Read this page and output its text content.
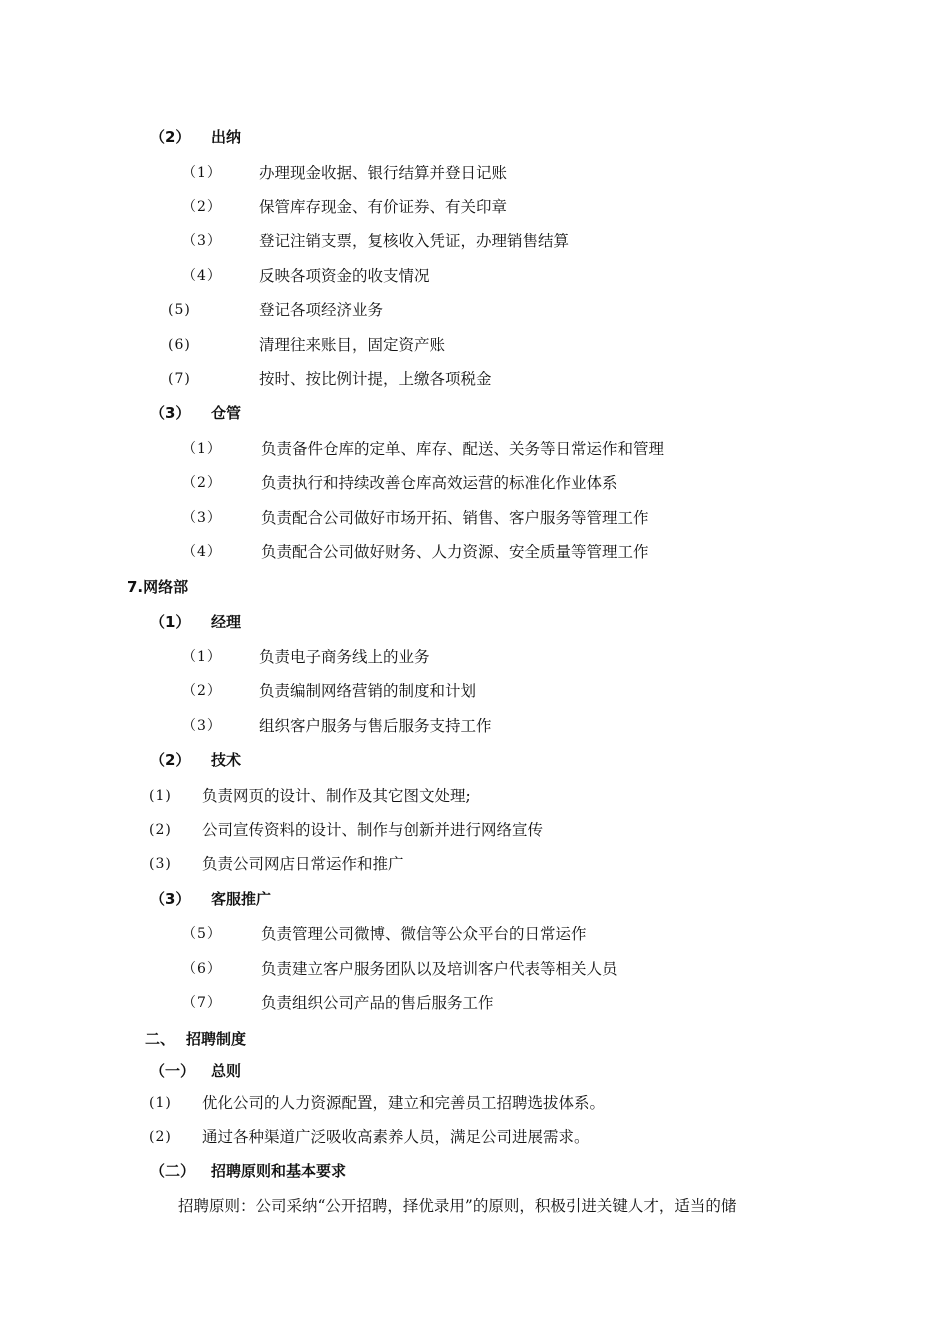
（2） 出纳
（1） 办理现金收据、银行结算并登日记账
（2） 保管库存现金、有价证券、有关印章
（3） 登记注销支票，复核收入凭证，办理销售结算
（4） 反映各项资金的收支情况
(5)	登记各项经济业务
(6)	清理往来账目，固定资产账
(7)	按时、按比例计提，上缴各项税金
（3） 仓管
（1）	负责备件仓库的定单、库存、配送、关务等日常运作和管理
（2）	负责执行和持续改善仓库高效运营的标准化作业体系
（3）	负责配合公司做好市场开拓、销售、客户服务等管理工作
（4）	负责配合公司做好财务、人力资源、安全质量等管理工作
7.网络部
（1） 经理
（1） 负责电子商务线上的业务
（2） 负责编制网络营销的制度和计划
（3） 组织客户服务与售后服务支持工作
（2） 技术
(1) 负责网页的设计、制作及其它图文处理;
(2) 公司宣传资料的设计、制作与创新并进行网络宣传
(3) 负责公司网店日常运作和推广
（3） 客服推广
（5）	负责管理公司微博、微信等公众平台的日常运作
（6）	负责建立客户服务团队以及培训客户代表等相关人员
（7）	负责组织公司产品的售后服务工作
二、 招聘制度
（一） 总则
(1) 优化公司的人力资源配置，建立和完善员工招聘选拔体系。
(2) 通过各种渠道广泛吸收高素养人员，满足公司进展需求。
（二） 招聘原则和基本要求
招聘原则：公司采纳“公开招聘，择优录用”的原则，积极引进关键人才，适当的储
